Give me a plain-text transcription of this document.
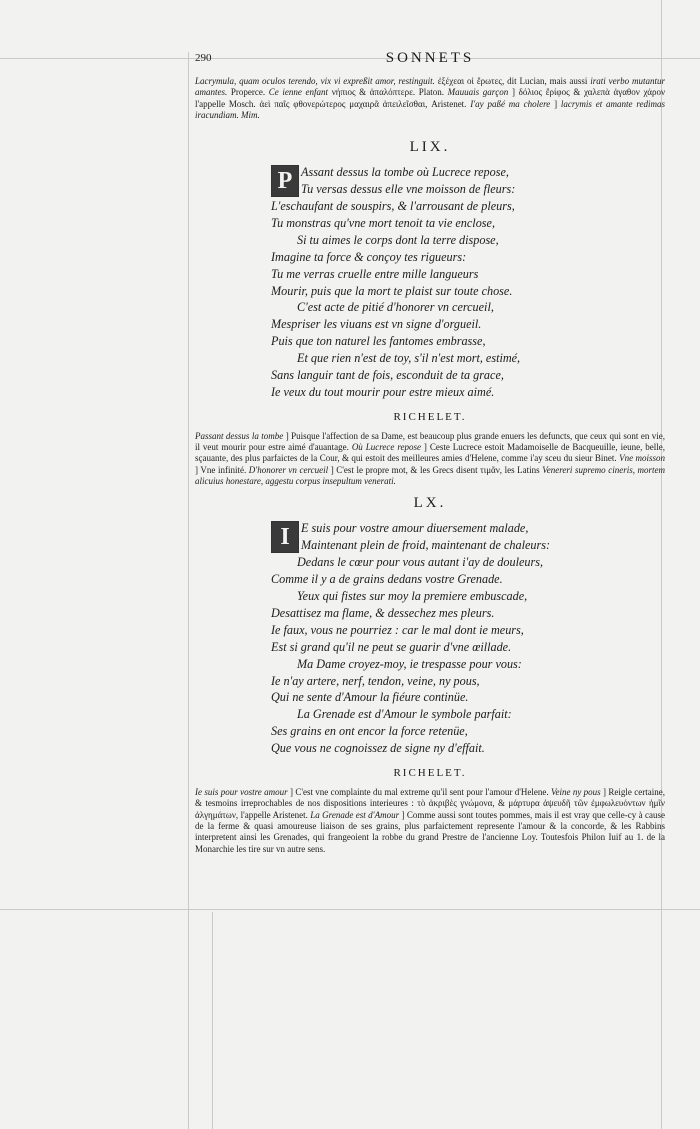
290	SONNETS
Lacrymula, quam oculos terendo, vix vi expreßit amor, restinguit. ἐξέχεαι οἱ ἔρωτες, dit Lucian, mais aussi irati verbo mutantur amantes. Properce. Ce ienne enfant νήπιος & ἁπαλόπτερε. Platon. Mauuais garçon ] δόλιος ἔρίφος & χαλεπὰ ἀγαθον χάρον l'appelle Mosch. ἀεὶ παῖς φθονερώτερος μαχαιρᾶ ἀπειλεῖσθαι, Aristenet. I'ay paßé ma cholere ] lacrymis et amante redimas iracundiam. Mim.
LIX.
P Assant dessus la tombe où Lucrece repose,
Tu versas dessus elle vne moisson de fleurs:
L'eschaufant de souspirs, & l'arrousant de pleurs,
Tu monstras qu'vne mort tenoit ta vie enclose,
Si tu aimes le corps dont la terre dispose,
Imagine ta force & conçoy tes rigueurs:
Tu me verras cruelle entre mille langueurs
Mourir, puis que la mort te plaist sur toute chose.
C'est acte de pitié d'honorer vn cercueil,
Mespriser les viuans est vn signe d'orgueil.
Puis que ton naturel les fantomes embrasse,
Et que rien n'est de toy, s'il n'est mort, estimé,
Sans languir tant de fois, esconduit de ta grace,
Ie veux du tout mourir pour estre mieux aimé.
RICHELET.
Passant dessus la tombe ] Puisque l'affection de sa Dame, est beaucoup plus grande enuers les defuncts, que ceux qui sont en vie, il veut mourir pour estre aimé d'auantage. Où Lucrece repose ] Ceste Lucrece estoit Madamoiselle de Bacqueuille, ieune, belle, sçauante, des plus parfaictes de la Cour, & qui estoit des meilleures amies d'Helene, comme i'ay sceu du sieur Binet. Vne moisson ] Vne infinité. D'honorer vn cercueil ] C'est le propre mot, & les Grecs disent τιμᾶν, les Latins Venereri supremo cineris, mortem alicuius honestare, aggestu corpus insepultum venerati.
LX.
I E suis pour vostre amour diuersement malade,
Maintenant plein de froid, maintenant de chaleurs:
Dedans le cœur pour vous autant i'ay de douleurs,
Comme il y a de grains dedans vostre Grenade.
Yeux qui fistes sur moy la premiere embuscade,
Desattisez ma flame, & dessechez mes pleurs.
Ie faux, vous ne pourriez : car le mal dont ie meurs,
Est si grand qu'il ne peut se guarir d'vne œillade.
Ma Dame croyez-moy, ie trespasse pour vous:
Ie n'ay artere, nerf, tendon, veine, ny pous,
Qui ne sente d'Amour la fiéure continüe.
La Grenade est d'Amour le symbole parfait:
Ses grains en ont encor la force retenüe,
Que vous ne cognoissez de signe ny d'effait.
RICHELET.
Ie suis pour vostre amour ] C'est vne complainte du mal extreme qu'il sent pour l'amour d'Helene. Veine ny pous ] Reigle certaine, & tesmoins irreprochables de nos dispositions interieures : τὸ ἀκριβὲς γνώμονα, & μάρτυρα ἀψευδῆ τῶν ἐμφωλευόντων ἡμῖν ἀλγημάτων, l'appelle Aristenet. La Grenade est d'Amour ] Comme aussi sont toutes pommes, mais il est vray que celle-cy à cause de la ferme & quasi amoureuse liaison de ses grains, plus parfaictement represente l'amour & la concorde, & les Rabbins interpretent ainsi les Grenades, qui frangeoient la robbe du grand Prestre de l'ancienne Loy. Toutesfois Philon Iuif au 1. de la Monarchie les tire sur vn autre sens.
